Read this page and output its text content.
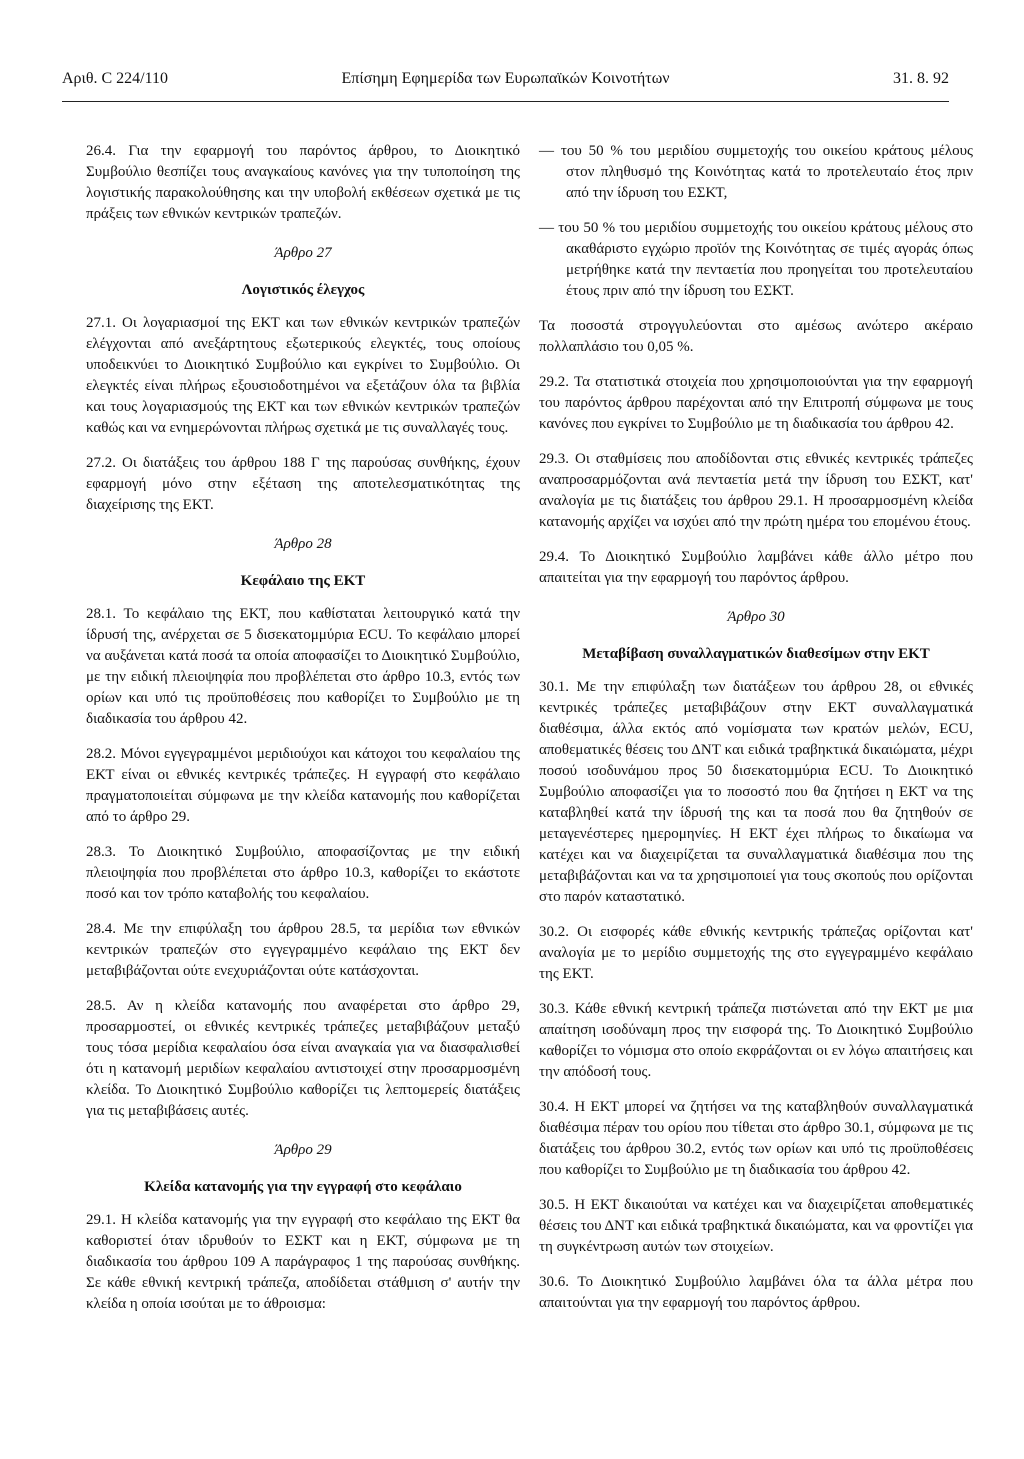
Αριθ. C 224/110	Επίσημη Εφημερίδα των Ευρωπαϊκών Κοινοτήτων	31. 8. 92

26.4. Για την εφαρμογή του παρόντος άρθρου, το Διοικητικό Συμβούλιο θεσπίζει τους αναγκαίους κανόνες για την τυποποίηση της λογιστικής παρακολούθησης και την υποβολή εκθέσεων σχετικά με τις πράξεις των εθνικών κεντρικών τραπεζών.

Άρθρο 27
Λογιστικός έλεγχος

27.1. Οι λογαριασμοί της ΕΚΤ και των εθνικών κεντρικών τραπεζών ελέγχονται από ανεξάρτητους εξωτερικούς ελεγκτές, τους οποίους υποδεικνύει το Διοικητικό Συμβούλιο και εγκρίνει το Συμβούλιο. Οι ελεγκτές είναι πλήρως εξουσιοδοτημένοι να εξετάζουν όλα τα βιβλία και τους λογαριασμούς της ΕΚΤ και των εθνικών κεντρικών τραπεζών καθώς και να ενημερώνονται πλήρως σχετικά με τις συναλλαγές τους.

27.2. Οι διατάξεις του άρθρου 188 Γ της παρούσας συνθήκης, έχουν εφαρμογή μόνο στην εξέταση της αποτελεσματικότητας της διαχείρισης της ΕΚΤ.

Άρθρο 28
Κεφάλαιο της ΕΚΤ

28.1. Το κεφάλαιο της ΕΚΤ, που καθίσταται λειτουργικό κατά την ίδρυσή της, ανέρχεται σε 5 δισεκατομμύρια ECU. Το κεφάλαιο μπορεί να αυξάνεται κατά ποσά τα οποία αποφασίζει το Διοικητικό Συμβούλιο, με την ειδική πλειοψηφία που προβλέπεται στο άρθρο 10.3, εντός των ορίων και υπό τις προϋποθέσεις που καθορίζει το Συμβούλιο με τη διαδικασία του άρθρου 42.

28.2. Μόνοι εγγεγραμμένοι μεριδιούχοι και κάτοχοι του κεφαλαίου της ΕΚΤ είναι οι εθνικές κεντρικές τράπεζες. Η εγγραφή στο κεφάλαιο πραγματοποιείται σύμφωνα με την κλείδα κατανομής που καθορίζεται από το άρθρο 29.

28.3. Το Διοικητικό Συμβούλιο, αποφασίζοντας με την ειδική πλειοψηφία που προβλέπεται στο άρθρο 10.3, καθορίζει το εκάστοτε ποσό και τον τρόπο καταβολής του κεφαλαίου.

28.4. Με την επιφύλαξη του άρθρου 28.5, τα μερίδια των εθνικών κεντρικών τραπεζών στο εγγεγραμμένο κεφάλαιο της ΕΚΤ δεν μεταβιβάζονται ούτε ενεχυριάζονται ούτε κατάσχονται.

28.5. Αν η κλείδα κατανομής που αναφέρεται στο άρθρο 29, προσαρμοστεί, οι εθνικές κεντρικές τράπεζες μεταβιβάζουν μεταξύ τους τόσα μερίδια κεφαλαίου όσα είναι αναγκαία για να διασφαλισθεί ότι η κατανομή μεριδίων κεφαλαίου αντιστοιχεί στην προσαρμοσμένη κλείδα. Το Διοικητικό Συμβούλιο καθορίζει τις λεπτομερείς διατάξεις για τις μεταβιβάσεις αυτές.

Άρθρο 29
Κλείδα κατανομής για την εγγραφή στο κεφάλαιο

29.1. Η κλείδα κατανομής για την εγγραφή στο κεφάλαιο της ΕΚΤ θα καθοριστεί όταν ιδρυθούν το ΕΣΚΤ και η ΕΚΤ, σύμφωνα με τη διαδικασία του άρθρου 109 Α παράγραφος 1 της παρούσας συνθήκης. Σε κάθε εθνική κεντρική τράπεζα, αποδίδεται στάθμιση σ' αυτήν την κλείδα η οποία ισούται με το άθροισμα:

— του 50 % του μεριδίου συμμετοχής του οικείου κράτους μέλους στον πληθυσμό της Κοινότητας κατά το προτελευταίο έτος πριν από την ίδρυση του ΕΣΚΤ,

— του 50 % του μεριδίου συμμετοχής του οικείου κράτους μέλους στο ακαθάριστο εγχώριο προϊόν της Κοινότητας σε τιμές αγοράς όπως μετρήθηκε κατά την πενταετία που προηγείται του προτελευταίου έτους πριν από την ίδρυση του ΕΣΚΤ.

Τα ποσοστά στρογγυλεύονται στο αμέσως ανώτερο ακέραιο πολλαπλάσιο του 0,05 %.

29.2. Τα στατιστικά στοιχεία που χρησιμοποιούνται για την εφαρμογή του παρόντος άρθρου παρέχονται από την Επιτροπή σύμφωνα με τους κανόνες που εγκρίνει το Συμβούλιο με τη διαδικασία του άρθρου 42.

29.3. Οι σταθμίσεις που αποδίδονται στις εθνικές κεντρικές τράπεζες αναπροσαρμόζονται ανά πενταετία μετά την ίδρυση του ΕΣΚΤ, κατ' αναλογία με τις διατάξεις του άρθρου 29.1. Η προσαρμοσμένη κλείδα κατανομής αρχίζει να ισχύει από την πρώτη ημέρα του επομένου έτους.

29.4. Το Διοικητικό Συμβούλιο λαμβάνει κάθε άλλο μέτρο που απαιτείται για την εφαρμογή του παρόντος άρθρου.

Άρθρο 30
Μεταβίβαση συναλλαγματικών διαθεσίμων στην ΕΚΤ

30.1. Με την επιφύλαξη των διατάξεων του άρθρου 28, οι εθνικές κεντρικές τράπεζες μεταβιβάζουν στην ΕΚΤ συναλλαγματικά διαθέσιμα, άλλα εκτός από νομίσματα των κρατών μελών, ECU, αποθεματικές θέσεις του ΔΝΤ και ειδικά τραβηκτικά δικαιώματα, μέχρι ποσού ισοδυνάμου προς 50 δισεκατομμύρια ECU. Το Διοικητικό Συμβούλιο αποφασίζει για το ποσοστό που θα ζητήσει η ΕΚΤ να της καταβληθεί κατά την ίδρυσή της και τα ποσά που θα ζητηθούν σε μεταγενέστερες ημερομηνίες. Η ΕΚΤ έχει πλήρως το δικαίωμα να κατέχει και να διαχειρίζεται τα συναλλαγματικά διαθέσιμα που της μεταβιβάζονται και να τα χρησιμοποιεί για τους σκοπούς που ορίζονται στο παρόν καταστατικό.

30.2. Οι εισφορές κάθε εθνικής κεντρικής τράπεζας ορίζονται κατ' αναλογία με το μερίδιο συμμετοχής της στο εγγεγραμμένο κεφάλαιο της ΕΚΤ.

30.3. Κάθε εθνική κεντρική τράπεζα πιστώνεται από την ΕΚΤ με μια απαίτηση ισοδύναμη προς την εισφορά της. Το Διοικητικό Συμβούλιο καθορίζει το νόμισμα στο οποίο εκφράζονται οι εν λόγω απαιτήσεις και την απόδοσή τους.

30.4. Η ΕΚΤ μπορεί να ζητήσει να της καταβληθούν συναλλαγματικά διαθέσιμα πέραν του ορίου που τίθεται στο άρθρο 30.1, σύμφωνα με τις διατάξεις του άρθρου 30.2, εντός των ορίων και υπό τις προϋποθέσεις που καθορίζει το Συμβούλιο με τη διαδικασία του άρθρου 42.

30.5. Η ΕΚΤ δικαιούται να κατέχει και να διαχειρίζεται αποθεματικές θέσεις του ΔΝΤ και ειδικά τραβηκτικά δικαιώματα, και να φροντίζει για τη συγκέντρωση αυτών των στοιχείων.

30.6. Το Διοικητικό Συμβούλιο λαμβάνει όλα τα άλλα μέτρα που απαιτούνται για την εφαρμογή του παρόντος άρθρου.
